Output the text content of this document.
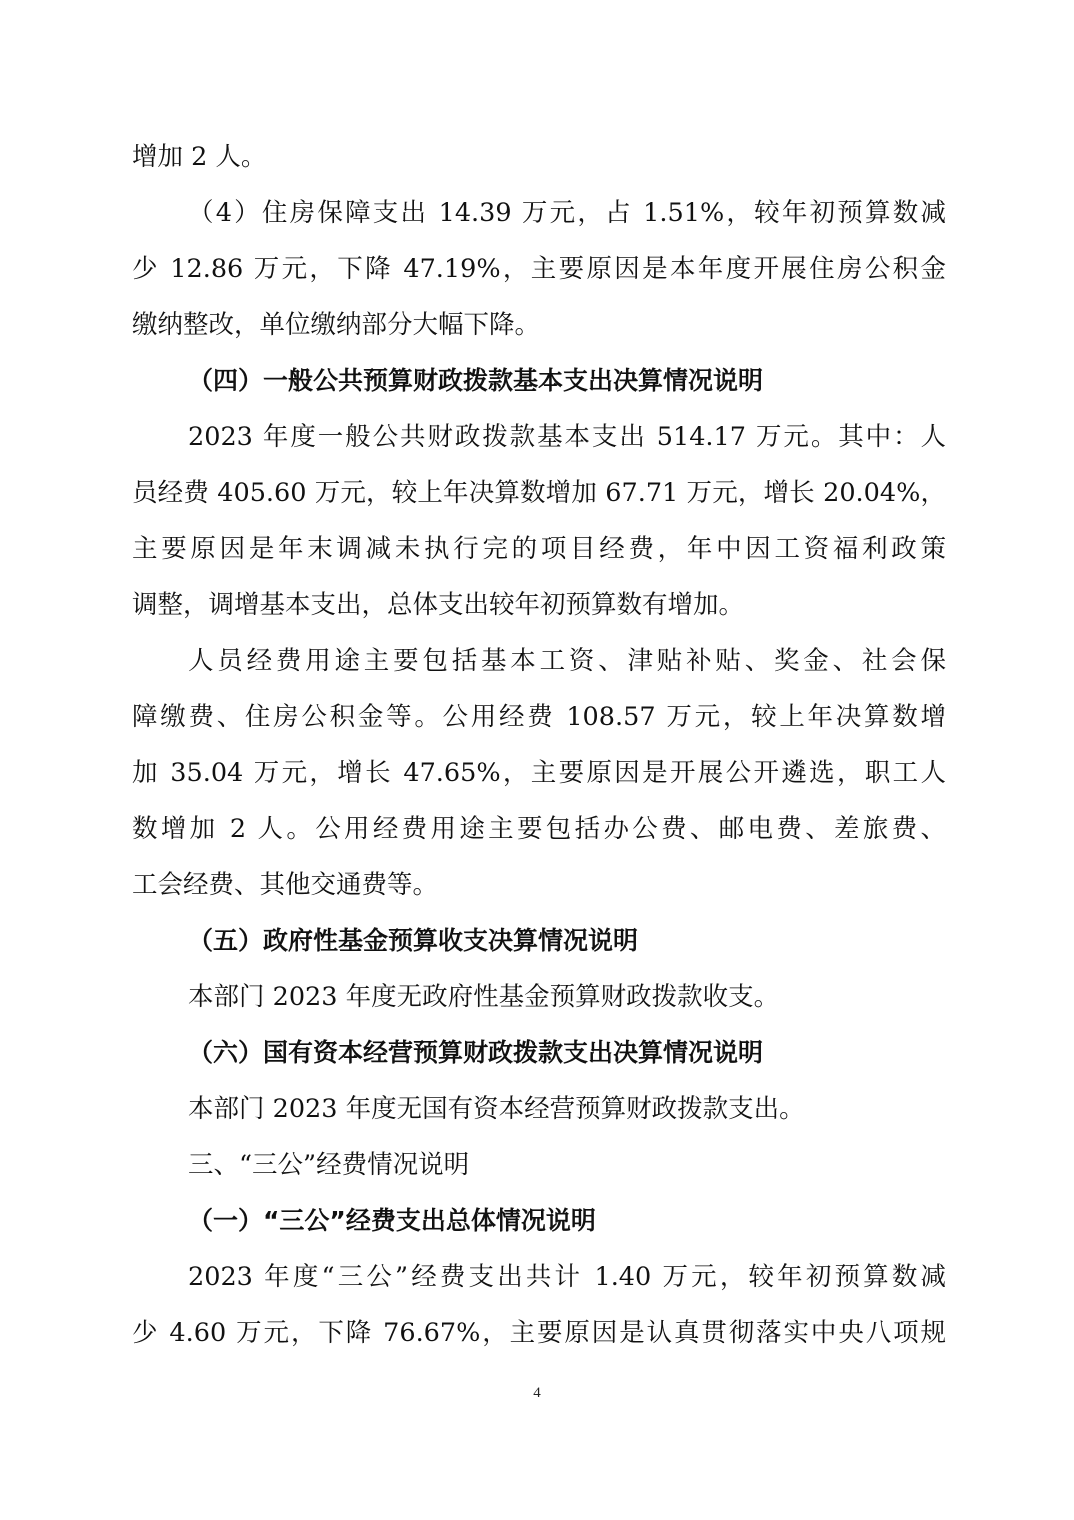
增加 2 人。
（4）住房保障支出 14.39 万元，占 1.51%，较年初预算数减
少 12.86 万元，下降 47.19%，主要原因是本年度开展住房公积金
缴纳整改，单位缴纳部分大幅下降。
（四）一般公共预算财政拨款基本支出决算情况说明
2023 年度一般公共财政拨款基本支出 514.17 万元。其中：人
员经费 405.60 万元，较上年决算数增加 67.71 万元，增长 20.04%，
主要原因是年末调减未执行完的项目经费，年中因工资福利政策
调整，调增基本支出，总体支出较年初预算数有增加。
人员经费用途主要包括基本工资、津贴补贴、奖金、社会保
障缴费、住房公积金等。公用经费 108.57 万元，较上年决算数增
加 35.04 万元，增长 47.65%，主要原因是开展公开遴选，职工人
数增加 2 人。公用经费用途主要包括办公费、邮电费、差旅费、
工会经费、其他交通费等。
（五）政府性基金预算收支决算情况说明
本部门 2023 年度无政府性基金预算财政拨款收支。
（六）国有资本经营预算财政拨款支出决算情况说明
本部门 2023 年度无国有资本经营预算财政拨款支出。
三、“三公”经费情况说明
（一）“三公”经费支出总体情况说明
2023 年度“三公”经费支出共计 1.40 万元，较年初预算数减
少 4.60 万元，下降 76.67%，主要原因是认真贯彻落实中央八项规
4
